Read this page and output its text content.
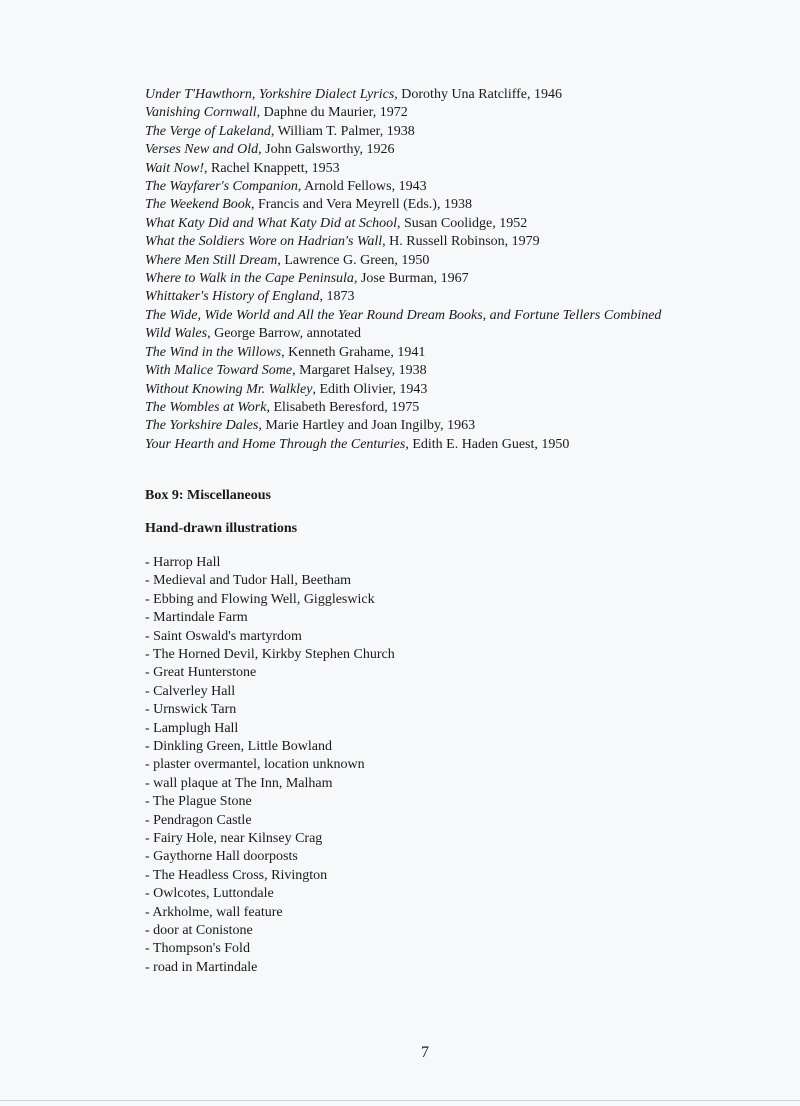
Under T'Hawthorn, Yorkshire Dialect Lyrics, Dorothy Una Ratcliffe, 1946

Vanishing Cornwall, Daphne du Maurier, 1972

The Verge of Lakeland, William T. Palmer, 1938

Verses New and Old, John Galsworthy, 1926

Wait Now!, Rachel Knappett, 1953

The Wayfarer's Companion, Arnold Fellows, 1943

The Weekend Book, Francis and Vera Meyrell (Eds.), 1938

What Katy Did and What Katy Did at School, Susan Coolidge, 1952

What the Soldiers Wore on Hadrian's Wall, H. Russell Robinson, 1979

Where Men Still Dream, Lawrence G. Green, 1950

Where to Walk in the Cape Peninsula, Jose Burman, 1967

Whittaker's History of England, 1873

The Wide, Wide World and All the Year Round Dream Books, and Fortune Tellers Combined

Wild Wales, George Barrow, annotated

The Wind in the Willows, Kenneth Grahame, 1941

With Malice Toward Some, Margaret Halsey, 1938

Without Knowing Mr. Walkley, Edith Olivier, 1943

The Wombles at Work, Elisabeth Beresford, 1975

The Yorkshire Dales, Marie Hartley and Joan Ingilby, 1963

Your Hearth and Home Through the Centuries, Edith E. Haden Guest, 1950

Box 9: Miscellaneous

Hand-drawn illustrations

- Harrop Hall
- Medieval and Tudor Hall, Beetham
- Ebbing and Flowing Well, Giggleswick
- Martindale Farm
- Saint Oswald's martyrdom
- The Horned Devil, Kirkby Stephen Church
- Great Hunterstone
- Calverley Hall
- Urnswick Tarn
- Lamplugh Hall
- Dinkling Green, Little Bowland
- plaster overmantel, location unknown
- wall plaque at The Inn, Malham
- The Plague Stone
- Pendragon Castle
- Fairy Hole, near Kilnsey Crag
- Gaythorne Hall doorposts
- The Headless Cross, Rivington
- Owlcotes, Luttondale
- Arkholme, wall feature
- door at Conistone
- Thompson's Fold
- road in Martindale
7
